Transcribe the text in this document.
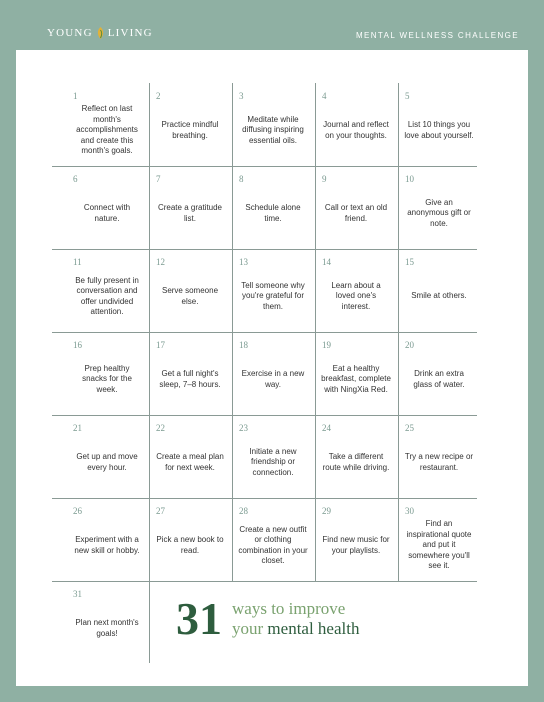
YOUNG LIVING	MENTAL WELLNESS CHALLENGE
1
Reflect on last month's accomplishments and create this month's goals.
2
Practice mindful breathing.
3
Meditate while diffusing inspiring essential oils.
4
Journal and reflect on your thoughts.
5
List 10 things you love about yourself.
6
Connect with nature.
7
Create a gratitude list.
8
Schedule alone time.
9
Call or text an old friend.
10
Give an anonymous gift or note.
11
Be fully present in conversation and offer undivided attention.
12
Serve someone else.
13
Tell someone why you're grateful for them.
14
Learn about a loved one's interest.
15
Smile at others.
16
Prep healthy snacks for the week.
17
Get a full night's sleep, 7–8 hours.
18
Exercise in a new way.
19
Eat a healthy breakfast, complete with NingXia Red.
20
Drink an extra glass of water.
21
Get up and move every hour.
22
Create a meal plan for next week.
23
Initiate a new friendship or connection.
24
Take a different route while driving.
25
Try a new recipe or restaurant.
26
Experiment with a new skill or hobby.
27
Pick a new book to read.
28
Create a new outfit or clothing combination in your closet.
29
Find new music for your playlists.
30
Find an inspirational quote and put it somewhere you'll see it.
31
Plan next month's goals!	31 ways to improve
your mental health
